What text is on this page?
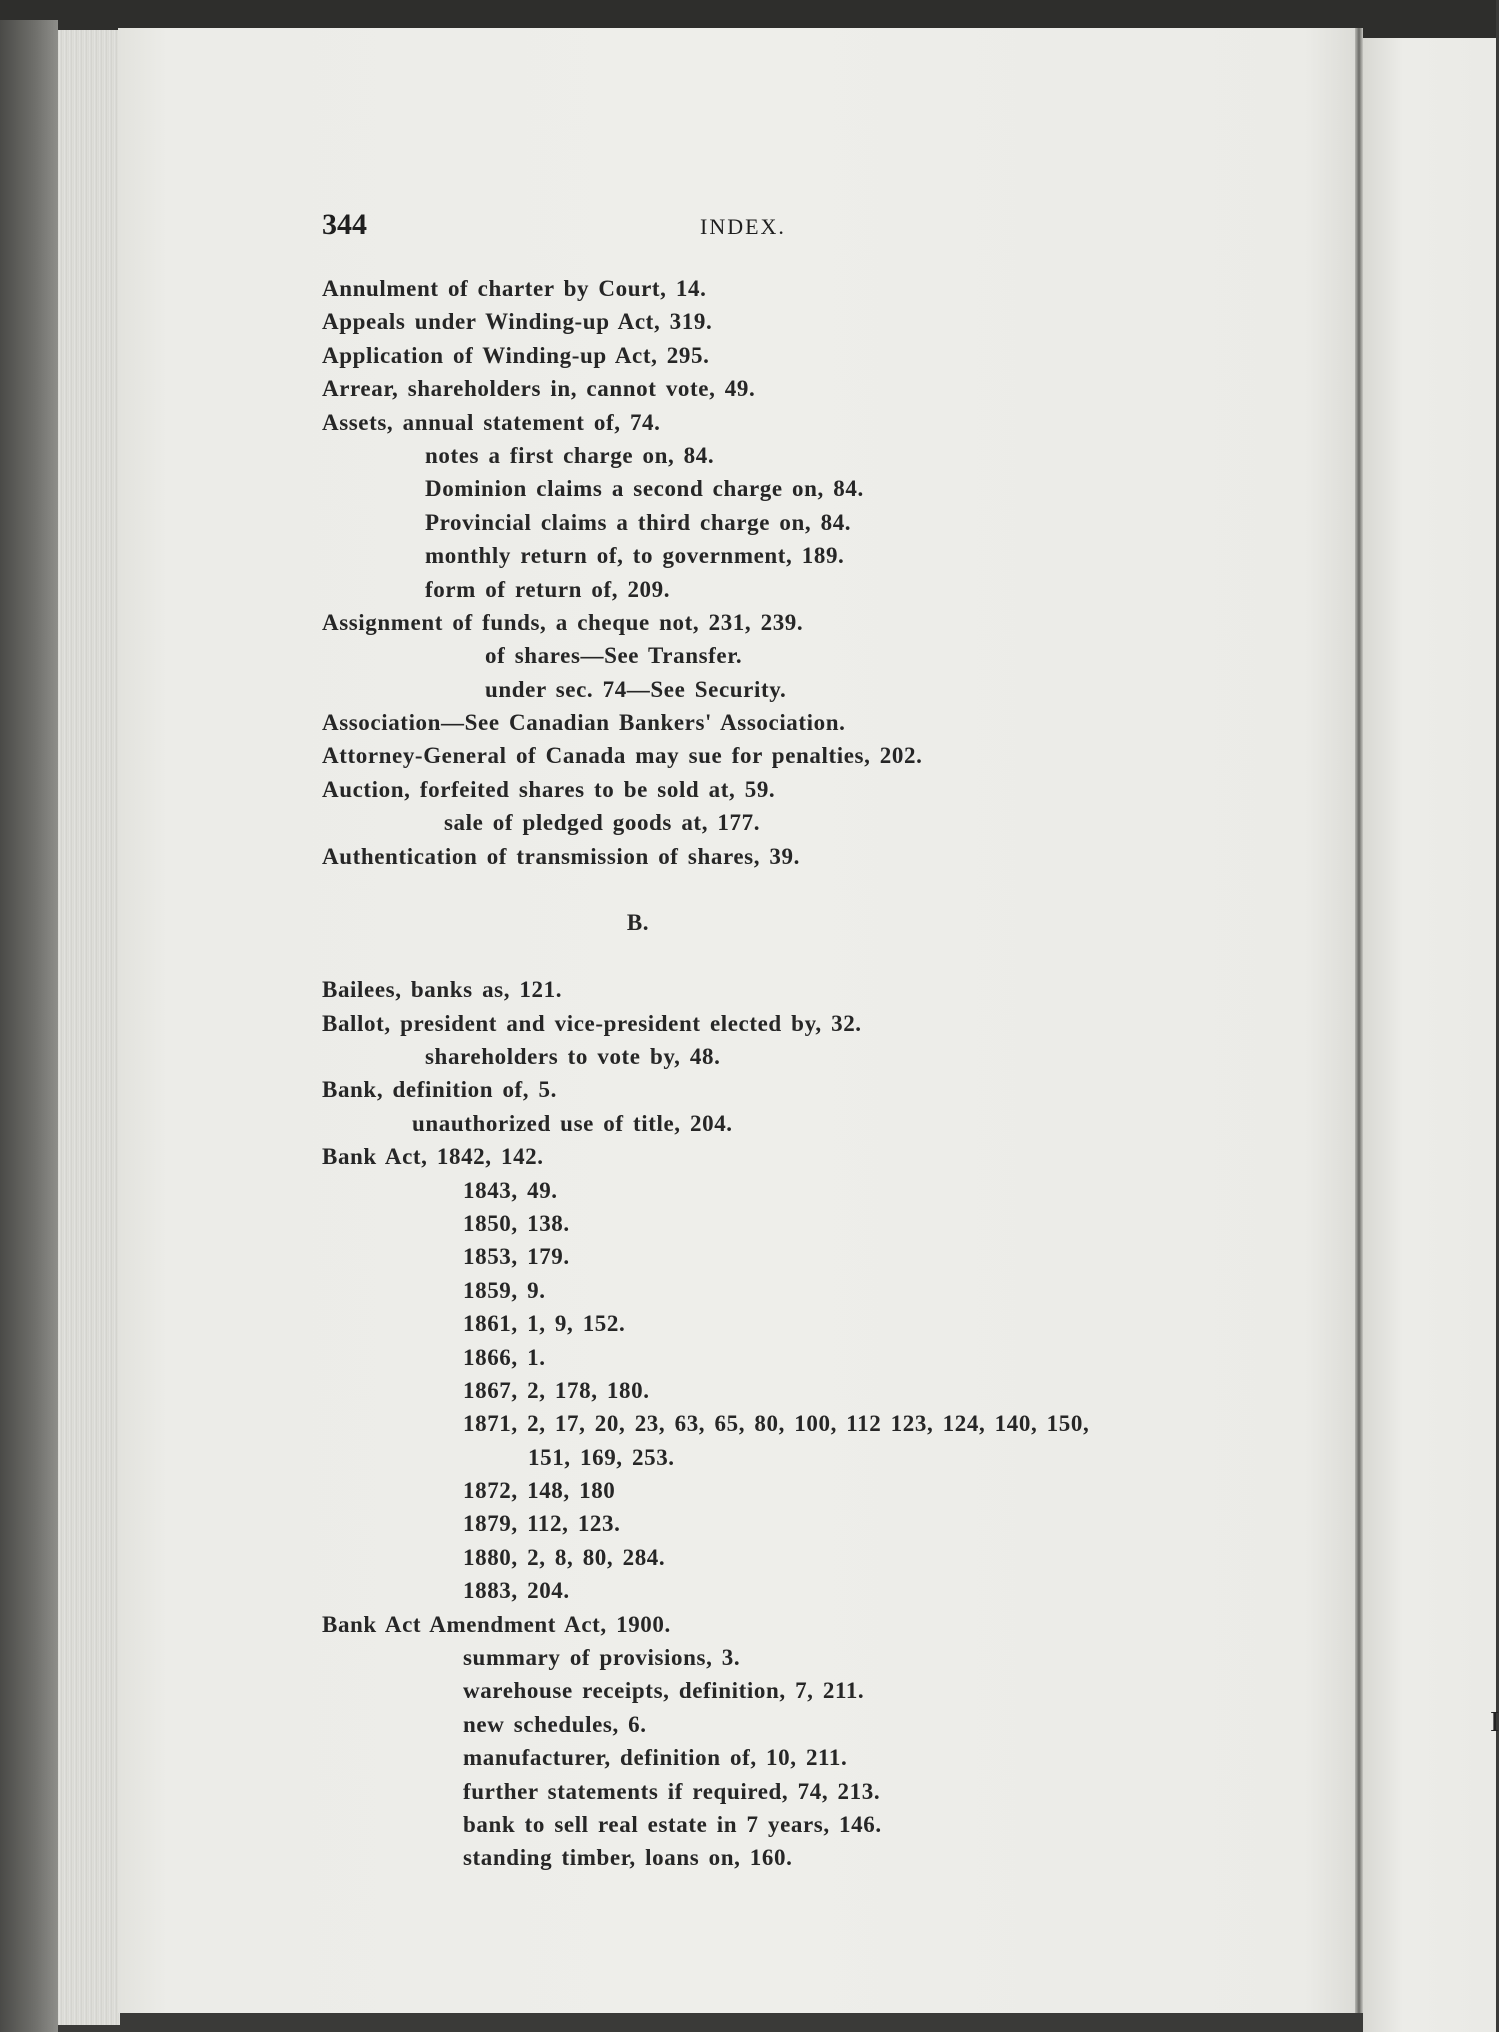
I
344	INDEX.
Annulment of charter by Court, 14.
Appeals under Winding-up Act, 319.
Application of Winding-up Act, 295.
Arrear, shareholders in, cannot vote, 49.
Assets, annual statement of, 74.
notes a first charge on, 84.
Dominion claims a second charge on, 84.
Provincial claims a third charge on, 84.
monthly return of, to government, 189.
form of return of, 209.
Assignment of funds, a cheque not, 231, 239.
of shares—See Transfer.
under sec. 74—See Security.
Association—See Canadian Bankers' Association.
Attorney-General of Canada may sue for penalties, 202.
Auction, forfeited shares to be sold at, 59.
sale of pledged goods at, 177.
Authentication of transmission of shares, 39.
B.
Bailees, banks as, 121.
Ballot, president and vice-president elected by, 32.
shareholders to vote by, 48.
Bank, definition of, 5.
unauthorized use of title, 204.
Bank Act, 1842, 142.
1843, 49.
1850, 138.
1853, 179.
1859, 9.
1861, 1, 9, 152.
1866, 1.
1867, 2, 178, 180.
1871, 2, 17, 20, 23, 63, 65, 80, 100, 112 123, 124, 140, 150,
151, 169, 253.
1872, 148, 180
1879, 112, 123.
1880, 2, 8, 80, 284.
1883, 204.
Bank Act Amendment Act, 1900.
summary of provisions, 3.
warehouse receipts, definition, 7, 211.
new schedules, 6.
manufacturer, definition of, 10, 211.
further statements if required, 74, 213.
bank to sell real estate in 7 years, 146.
standing timber, loans on, 160.
